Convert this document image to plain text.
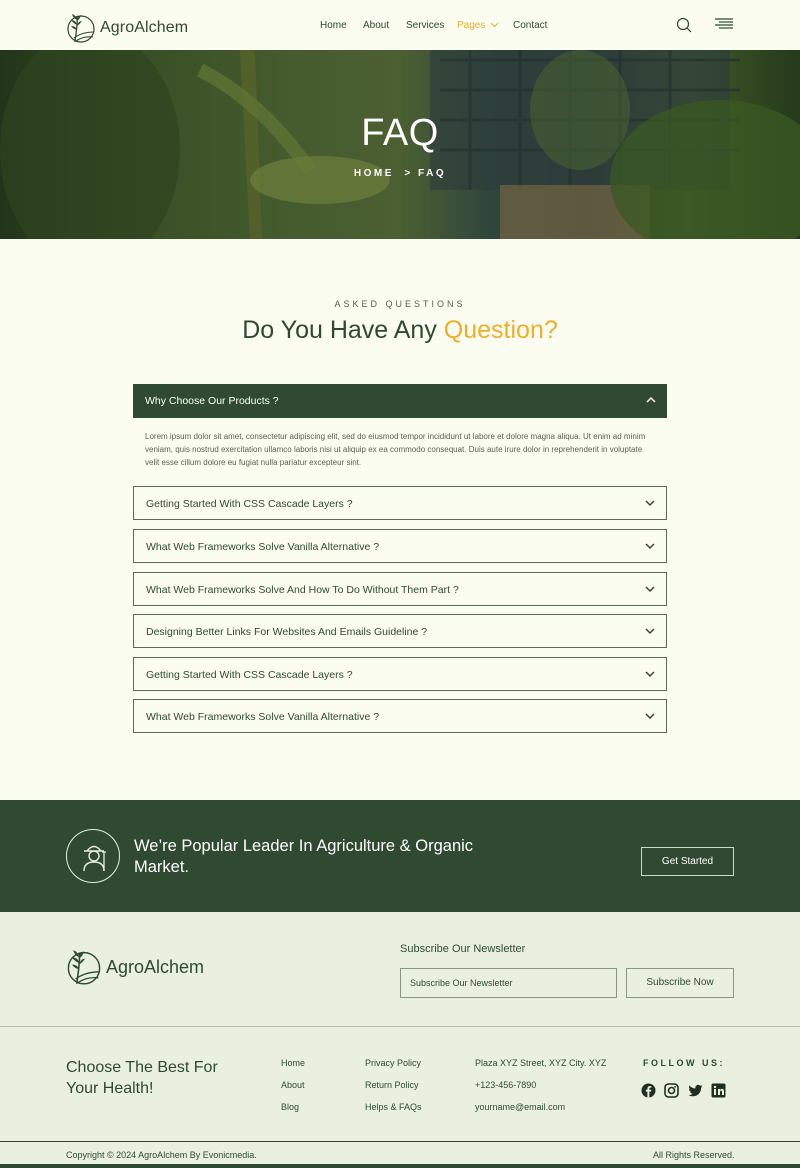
AgroAlchem	Home About Services Pages	Contact
FAQ
HOME  > FAQ
ASKED QUESTIONS
Do You Have Any Question?
Why Choose Our Products ?
Lorem ipsum dolor sit amet, consectetur adipiscing elit, sed do eiusmod tempor incididunt ut labore et dolore magna aliqua. Ut enim ad minim veniam, quis nostrud exercitation ullamco laboris nisi ut aliquip ex ea commodo consequat. Duis aute irure dolor in reprehenderit in voluptate velit esse cillum dolore eu fugiat nulla pariatur excepteur sint.
Getting Started With CSS Cascade Layers ?
What Web Frameworks Solve Vanilla Alternative ?
What Web Frameworks Solve And How To Do Without Them Part ?
Designing Better Links For Websites And Emails Guideline ?
Getting Started With CSS Cascade Layers ?
What Web Frameworks Solve Vanilla Alternative ?
We’re Popular Leader In Agriculture & Organic Market.	Get Started
AgroAlchem
Subscribe Our Newsletter
Subscribe Our Newsletter
Subscribe Now
Choose The Best For Your Health!
Home
About
Blog
Privacy Policy
Return Policy
Helps & FAQs
Plaza XYZ Street, XYZ City. XYZ
+123-456-7890
yourname@email.com
FOLLOW US:
Copyright © 2024 AgroAlchem By Evonicmedia.	All Rights Reserved.
